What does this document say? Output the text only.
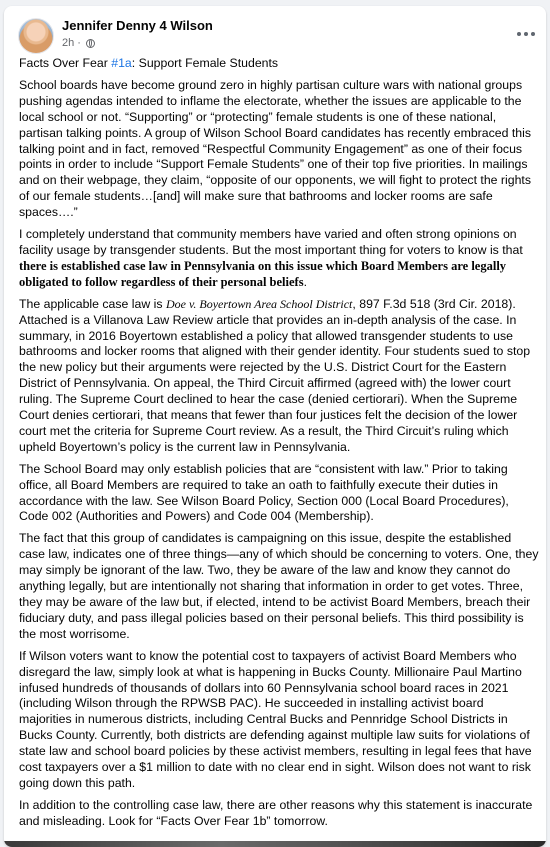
Jennifer Denny 4 Wilson
2h ·

Facts Over Fear #1a: Support Female Students

School boards have become ground zero in highly partisan culture wars with national groups pushing agendas intended to inflame the electorate, whether the issues are applicable to the local school or not. “Supporting” or “protecting” female students is one of these national, partisan talking points. A group of Wilson School Board candidates has recently embraced this talking point and in fact, removed “Respectful Community Engagement” as one of their focus points in order to include “Support Female Students” one of their top five priorities. In mailings and on their webpage, they claim, “opposite of our opponents, we will fight to protect the rights of our female students…[and] will make sure that bathrooms and locker rooms are safe spaces….”

I completely understand that community members have varied and often strong opinions on facility usage by transgender students. But the most important thing for voters to know is that there is established case law in Pennsylvania on this issue which Board Members are legally obligated to follow regardless of their personal beliefs.

The applicable case law is Doe v. Boyertown Area School District, 897 F.3d 518 (3rd Cir. 2018). Attached is a Villanova Law Review article that provides an in-depth analysis of the case. In summary, in 2016 Boyertown established a policy that allowed transgender students to use bathrooms and locker rooms that aligned with their gender identity. Four students sued to stop the new policy but their arguments were rejected by the U.S. District Court for the Eastern District of Pennsylvania. On appeal, the Third Circuit affirmed (agreed with) the lower court ruling. The Supreme Court declined to hear the case (denied certiorari). When the Supreme Court denies certiorari, that means that fewer than four justices felt the decision of the lower court met the criteria for Supreme Court review. As a result, the Third Circuit’s ruling which upheld Boyertown’s policy is the current law in Pennsylvania.

The School Board may only establish policies that are “consistent with law.” Prior to taking office, all Board Members are required to take an oath to faithfully execute their duties in accordance with the law. See Wilson Board Policy, Section 000 (Local Board Procedures), Code 002 (Authorities and Powers) and Code 004 (Membership).

The fact that this group of candidates is campaigning on this issue, despite the established case law, indicates one of three things—any of which should be concerning to voters. One, they may simply be ignorant of the law. Two, they be aware of the law and know they cannot do anything legally, but are intentionally not sharing that information in order to get votes. Three, they may be aware of the law but, if elected, intend to be activist Board Members, breach their fiduciary duty, and pass illegal policies based on their personal beliefs. This third possibility is the most worrisome.

If Wilson voters want to know the potential cost to taxpayers of activist Board Members who disregard the law, simply look at what is happening in Bucks County. Millionaire Paul Martino infused hundreds of thousands of dollars into 60 Pennsylvania school board races in 2021 (including Wilson through the RPWSB PAC). He succeeded in installing activist board majorities in numerous districts, including Central Bucks and Pennridge School Districts in Bucks County. Currently, both districts are defending against multiple law suits for violations of state law and school board policies by these activist members, resulting in legal fees that have cost taxpayers over a $1 million to date with no clear end in sight. Wilson does not want to risk going down this path.

In addition to the controlling case law, there are other reasons why this statement is inaccurate and misleading. Look for “Facts Over Fear 1b” tomorrow.
